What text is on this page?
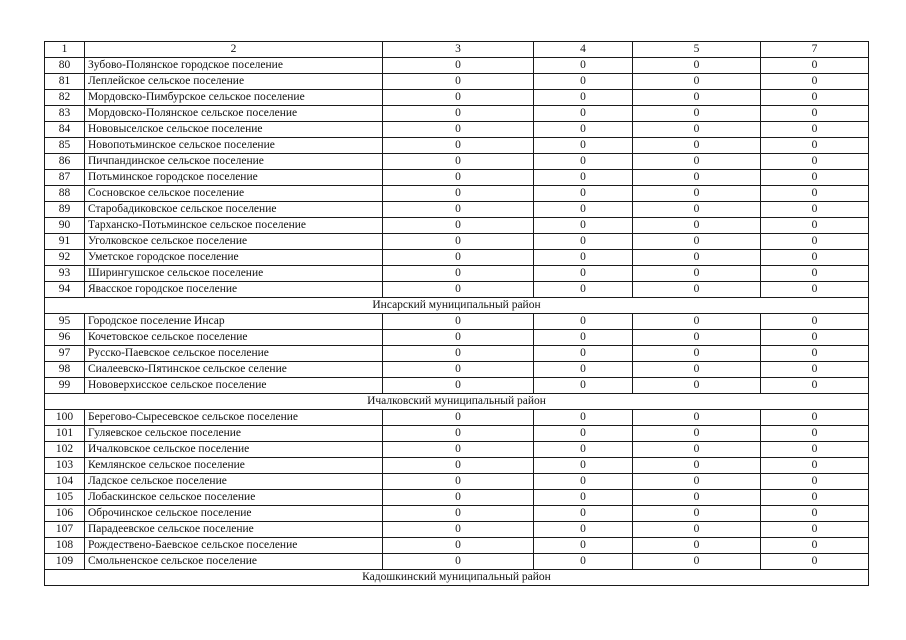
1	2	3	4	5	7
80	Зубово-Полянское городское поселение	0	0	0	0
81	Леплейское сельское поселение	0	0	0	0
82	Мордовско-Пимбурское сельское поселение	0	0	0	0
83	Мордовско-Полянское сельское поселение	0	0	0	0
84	Нововыселское сельское поселение	0	0	0	0
85	Новопотьминское сельское поселение	0	0	0	0
86	Пичпандинское сельское поселение	0	0	0	0
87	Потьминское городское поселение	0	0	0	0
88	Сосновское сельское поселение	0	0	0	0
89	Старобадиковское сельское поселение	0	0	0	0
90	Тарханско-Потьминское сельское поселение	0	0	0	0
91	Уголковское сельское поселение	0	0	0	0
92	Уметское городское поселение	0	0	0	0
93	Ширингушское сельское поселение	0	0	0	0
94	Явасское городское поселение	0	0	0	0
Инсарский муниципальный район					
95	Городское поселение Инсар	0	0	0	0
96	Кочетовское сельское поселение	0	0	0	0
97	Русско-Паевское сельское поселение	0	0	0	0
98	Сиалеевско-Пятинское сельское селение	0	0	0	0
99	Нововерхисское сельское поселение	0	0	0	0
Ичалковский муниципальный район					
100	Берегово-Сыресевское сельское поселение	0	0	0	0
101	Гуляевское сельское поселение	0	0	0	0
102	Ичалковское сельское поселение	0	0	0	0
103	Кемлянское сельское поселение	0	0	0	0
104	Ладское сельское поселение	0	0	0	0
105	Лобаскинское сельское поселение	0	0	0	0
106	Оброчинское сельское поселение	0	0	0	0
107	Парадеевское сельское поселение	0	0	0	0
108	Рождествено-Баевское сельское поселение	0	0	0	0
109	Смольненское сельское поселение	0	0	0	0
Кадошкинский муниципальный район					
